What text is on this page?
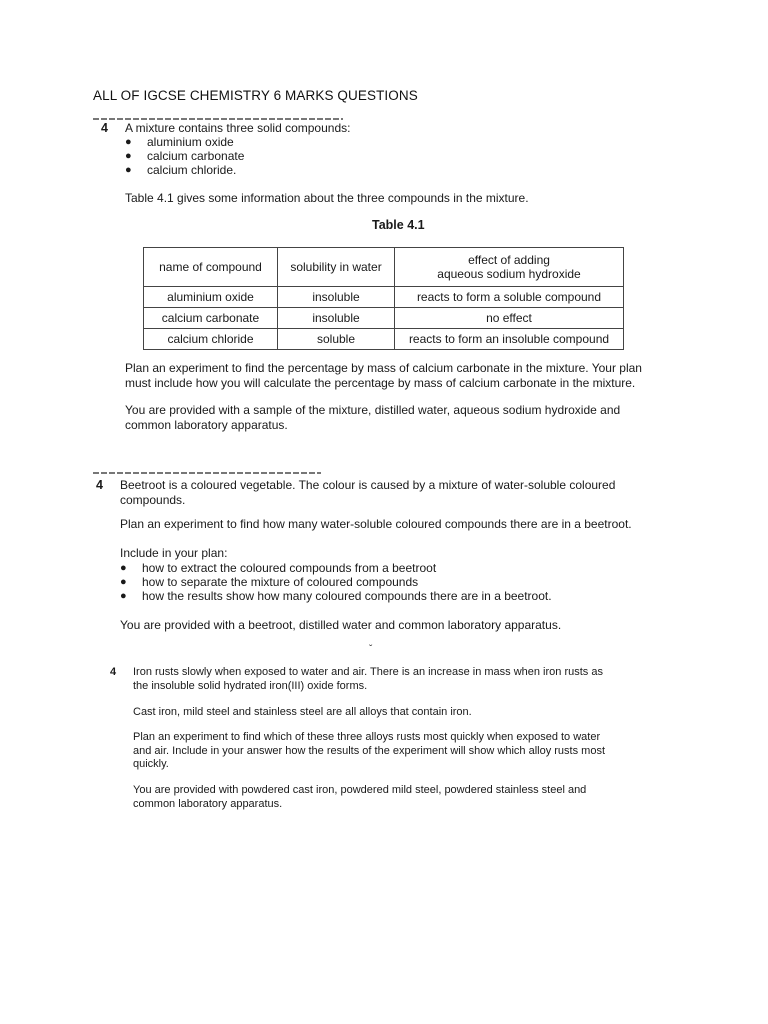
ALL OF IGCSE CHEMISTRY 6 MARKS QUESTIONS
4 A mixture contains three solid compounds:
● aluminium oxide
● calcium carbonate
● calcium chloride.
Table 4.1 gives some information about the three compounds in the mixture.
Table 4.1
name of compound	solubility in water	effect of adding
aqueous sodium hydroxide
aluminium oxide	insoluble	reacts to form a soluble compound
calcium carbonate	insoluble	no effect
calcium chloride	soluble	reacts to form an insoluble compound
Plan an experiment to find the percentage by mass of calcium carbonate in the mixture. Your plan
must include how you will calculate the percentage by mass of calcium carbonate in the mixture.
You are provided with a sample of the mixture, distilled water, aqueous sodium hydroxide and
common laboratory apparatus.
4 Beetroot is a coloured vegetable. The colour is caused by a mixture of water-soluble coloured
compounds.
Plan an experiment to find how many water-soluble coloured compounds there are in a beetroot.
Include in your plan:
● how to extract the coloured compounds from a beetroot
● how to separate the mixture of coloured compounds
● how the results show how many coloured compounds there are in a beetroot.
You are provided with a beetroot, distilled water and common laboratory apparatus.
ˇ
4 Iron rusts slowly when exposed to water and air. There is an increase in mass when iron rusts as
the insoluble solid hydrated iron(III) oxide forms.
Cast iron, mild steel and stainless steel are all alloys that contain iron.
Plan an experiment to find which of these three alloys rusts most quickly when exposed to water
and air. Include in your answer how the results of the experiment will show which alloy rusts most
quickly.
You are provided with powdered cast iron, powdered mild steel, powdered stainless steel and
common laboratory apparatus.
